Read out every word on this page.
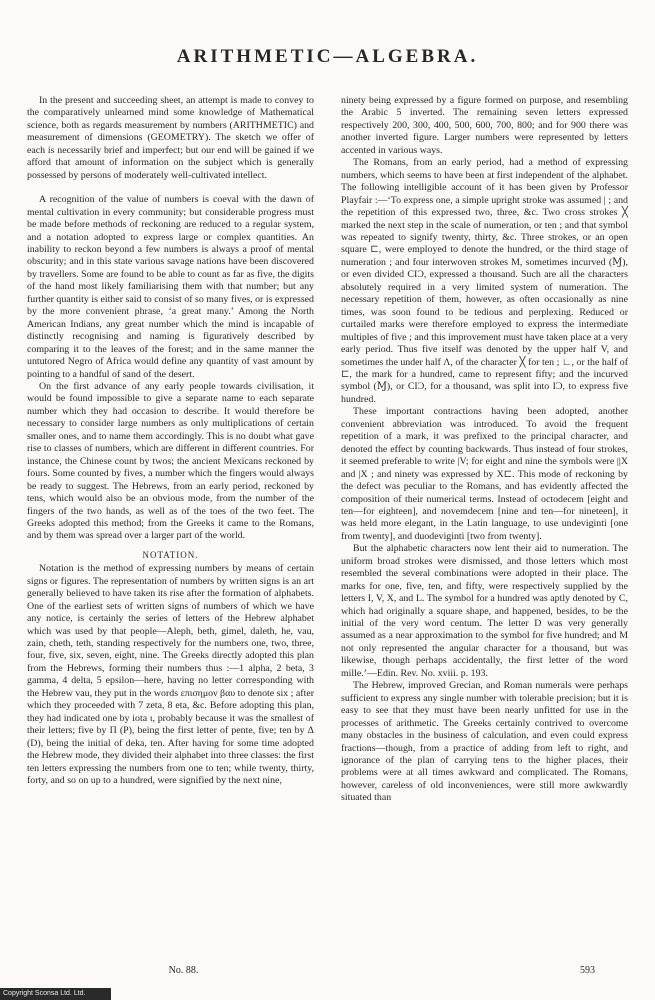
ARITHMETIC—ALGEBRA.

In the present and succeeding sheet, an attempt is made to convey to the comparatively unlearned mind some knowledge of Mathematical science, both as regards measurement by numbers (ARITHMETIC) and measurement of dimensions (GEOMETRY). The sketch we offer of each is necessarily brief and imperfect; but our end will be gained if we afford that amount of information on the subject which is generally possessed by persons of moderately well-cultivated intellect.

A recognition of the value of numbers is coeval with the dawn of mental cultivation in every community; but considerable progress must be made before methods of reckoning are reduced to a regular system, and a notation adopted to express large or complex quantities. An inability to reckon beyond a few numbers is always a proof of mental obscurity; and in this state various savage nations have been discovered by travellers. Some are found to be able to count as far as five, the digits of the hand most likely familiarising them with that number; but any further quantity is either said to consist of so many fives, or is expressed by the more convenient phrase, ‘a great many.’ Among the North American Indians, any great number which the mind is incapable of distinctly recognising and naming is figuratively described by comparing it to the leaves of the forest; and in the same manner the untutored Negro of Africa would define any quantity of vast amount by pointing to a handful of sand of the desert.

On the first advance of any early people towards civilisation, it would be found impossible to give a separate name to each separate number which they had occasion to describe. It would therefore be necessary to consider large numbers as only multiplications of certain smaller ones, and to name them accordingly. This is no doubt what gave rise to classes of numbers, which are different in different countries. For instance, the Chinese count by twos; the ancient Mexicans reckoned by fours. Some counted by fives, a number which the fingers would always be ready to suggest. The Hebrews, from an early period, reckoned by tens, which would also be an obvious mode, from the number of the fingers of the two hands, as well as of the toes of the two feet. The Greeks adopted this method; from the Greeks it came to the Romans, and by them was spread over a larger part of the world.

NOTATION.

Notation is the method of expressing numbers by means of certain signs or figures. The representation of numbers by written signs is an art generally believed to have taken its rise after the formation of alphabets. One of the earliest sets of written signs of numbers of which we have any notice, is certainly the series of letters of the Hebrew alphabet which was used by that people—Aleph, beth, gimel, daleth, he, vau, zain, cheth, teth, standing respectively for the numbers one, two, three, four, five, six, seven, eight, nine. The Greeks directly adopted this plan from the Hebrews, forming their numbers thus :—1 alpha, 2 beta, 3 gamma, 4 delta, 5 epsilon—here, having no letter corresponding with the Hebrew vau, they put in the words επισημον βαυ to denote six ; after which they proceeded with 7 zeta, 8 eta, &c. Before adopting this plan, they had indicated one by iota ι, probably because it was the smallest of their letters; five by Π (P), being the first letter of pente, five; ten by Δ (D), being the initial of deka, ten. After having for some time adopted the Hebrew mode, they divided their alphabet into three classes: the first ten letters expressing the numbers from one to ten; while twenty, thirty, forty, and so on up to a hundred, were signified by the next nine,

ninety being expressed by a figure formed on purpose, and resembling the Arabic 5 inverted. The remaining seven letters expressed respectively 200, 300, 400, 500, 600, 700, 800; and for 900 there was another inverted figure. Larger numbers were represented by letters accented in various ways.

The Romans, from an early period, had a method of expressing numbers, which seems to have been at first independent of the alphabet. The following intelligible account of it has been given by Professor Playfair :—‘To express one, a simple upright stroke was assumed | ; and the repetition of this expressed two, three, &c. Two cross strokes ╳ marked the next step in the scale of numeration, or ten ; and that symbol was repeated to signify twenty, thirty, &c. Three strokes, or an open square ⊏, were employed to denote the hundred, or the third stage of numeration ; and four interwoven strokes M, sometimes incurved (Ɱ), or even divided CIƆ, expressed a thousand. Such are all the characters absolutely required in a very limited system of numeration. The necessary repetition of them, however, as often occasionally as nine times, was soon found to be tedious and perplexing. Reduced or curtailed marks were therefore employed to express the intermediate multiples of five ; and this improvement must have taken place at a very early period. Thus five itself was denoted by the upper half V, and sometimes the under half Λ, of the character ╳ for ten ; ∟, or the half of ⊏, the mark for a hundred, came to represent fifty; and the incurved symbol (Ɱ), or CIƆ, for a thousand, was split into IƆ, to express five hundred.

These important contractions having been adopted, another convenient abbreviation was introduced. To avoid the frequent repetition of a mark, it was prefixed to the principal character, and denoted the effect by counting backwards. Thus instead of four strokes, it seemed preferable to write |V; for eight and nine the symbols were ||X and |X ; and ninety was expressed by X⊏. This mode of reckoning by the defect was peculiar to the Romans, and has evidently affected the composition of their numerical terms. Instead of octodecem [eight and ten—for eighteen], and novemdecem [nine and ten—for nineteen], it was held more elegant, in the Latin language, to use undeviginti [one from twenty], and duodeviginti [two from twenty].

But the alphabetic characters now lent their aid to numeration. The uniform broad strokes were dismissed, and those letters which most resembled the several combinations were adopted in their place. The marks for one, five, ten, and fifty, were respectively supplied by the letters I, V, X, and L. The symbol for a hundred was aptly denoted by C, which had originally a square shape, and happened, besides, to be the initial of the very word centum. The letter D was very generally assumed as a near approximation to the symbol for five hundred; and M not only represented the angular character for a thousand, but was likewise, though perhaps accidentally, the first letter of the word mille.’—Edin. Rev. No. xviii. p. 193.

The Hebrew, improved Grecian, and Roman numerals were perhaps sufficient to express any single number with tolerable precision; but it is easy to see that they must have been nearly unfitted for use in the processes of arithmetic. The Greeks certainly contrived to overcome many obstacles in the business of calculation, and even could express fractions—though, from a practice of adding from left to right, and ignorance of the plan of carrying tens to the higher places, their problems were at all times awkward and complicated. The Romans, however, careless of old inconveniences, were still more awkwardly situated than

No. 88.	593
Copyright Sconsa Ltd. Ltd.
